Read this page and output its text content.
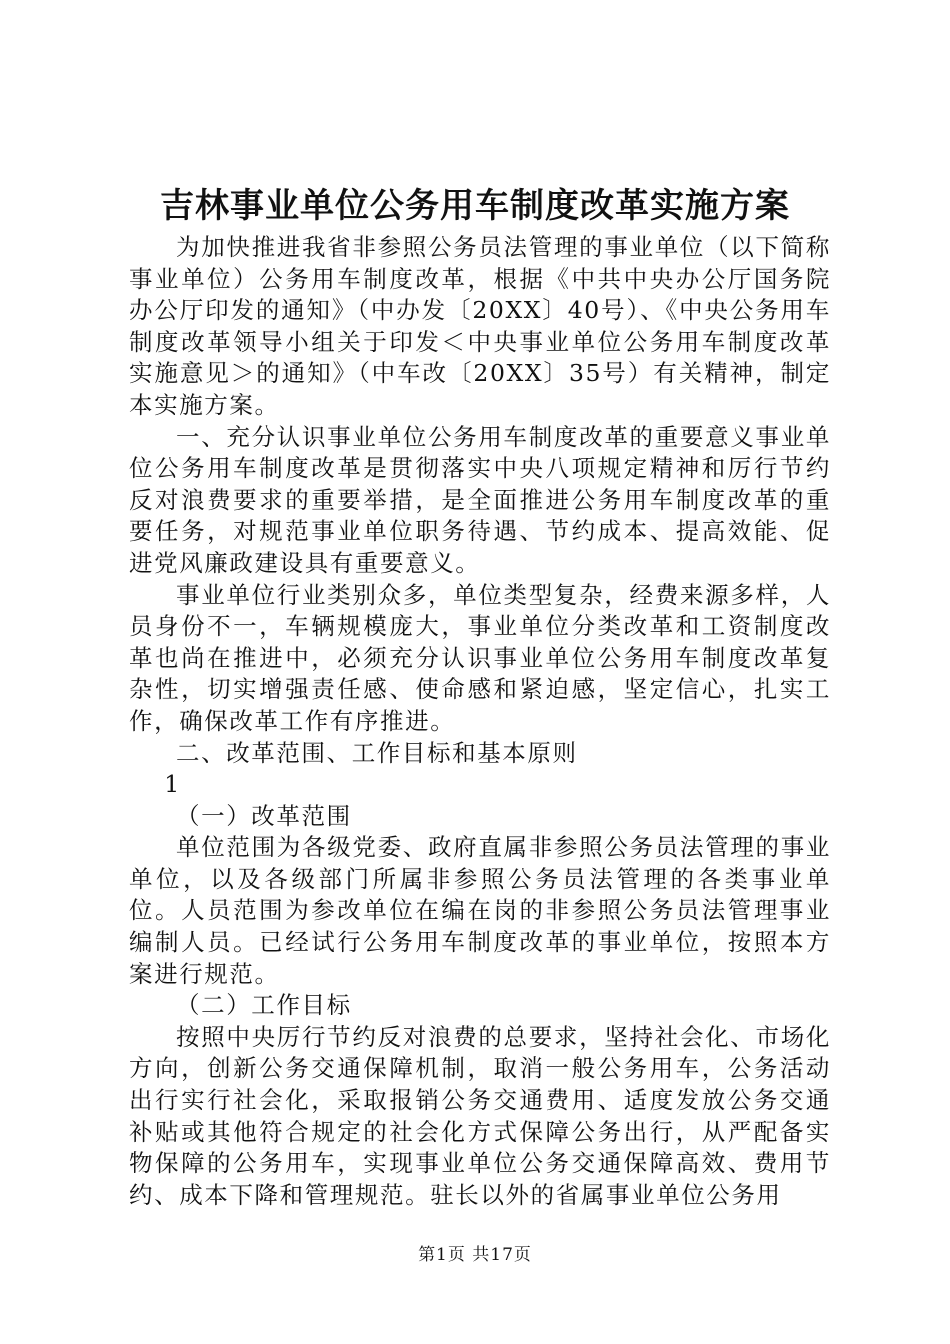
吉林事业单位公务用车制度改革实施方案

为加快推进我省非参照公务员法管理的事业单位（以下简称事业单位）公务用车制度改革，根据《中共中央办公厅国务院办公厅印发的通知》（中办发〔20XX〕40号）、《中央公务用车制度改革领导小组关于印发＜中央事业单位公务用车制度改革实施意见＞的通知》（中车改〔20XX〕35号）有关精神，制定本实施方案。

一、充分认识事业单位公务用车制度改革的重要意义事业单位公务用车制度改革是贯彻落实中央八项规定精神和厉行节约反对浪费要求的重要举措，是全面推进公务用车制度改革的重要任务，对规范事业单位职务待遇、节约成本、提高效能、促进党风廉政建设具有重要意义。

事业单位行业类别众多，单位类型复杂，经费来源多样，人员身份不一，车辆规模庞大，事业单位分类改革和工资制度改革也尚在推进中，必须充分认识事业单位公务用车制度改革复杂性，切实增强责任感、使命感和紧迫感，坚定信心，扎实工作，确保改革工作有序推进。

二、改革范围、工作目标和基本原则

1

（一）改革范围

单位范围为各级党委、政府直属非参照公务员法管理的事业单位，以及各级部门所属非参照公务员法管理的各类事业单位。人员范围为参改单位在编在岗的非参照公务员法管理事业编制人员。已经试行公务用车制度改革的事业单位，按照本方案进行规范。

（二）工作目标

按照中央厉行节约反对浪费的总要求，坚持社会化、市场化方向，创新公务交通保障机制，取消一般公务用车，公务活动出行实行社会化，采取报销公务交通费用、适度发放公务交通补贴或其他符合规定的社会化方式保障公务出行，从严配备实物保障的公务用车，实现事业单位公务交通保障高效、费用节约、成本下降和管理规范。驻长以外的省属事业单位公务用

第1页 共17页
